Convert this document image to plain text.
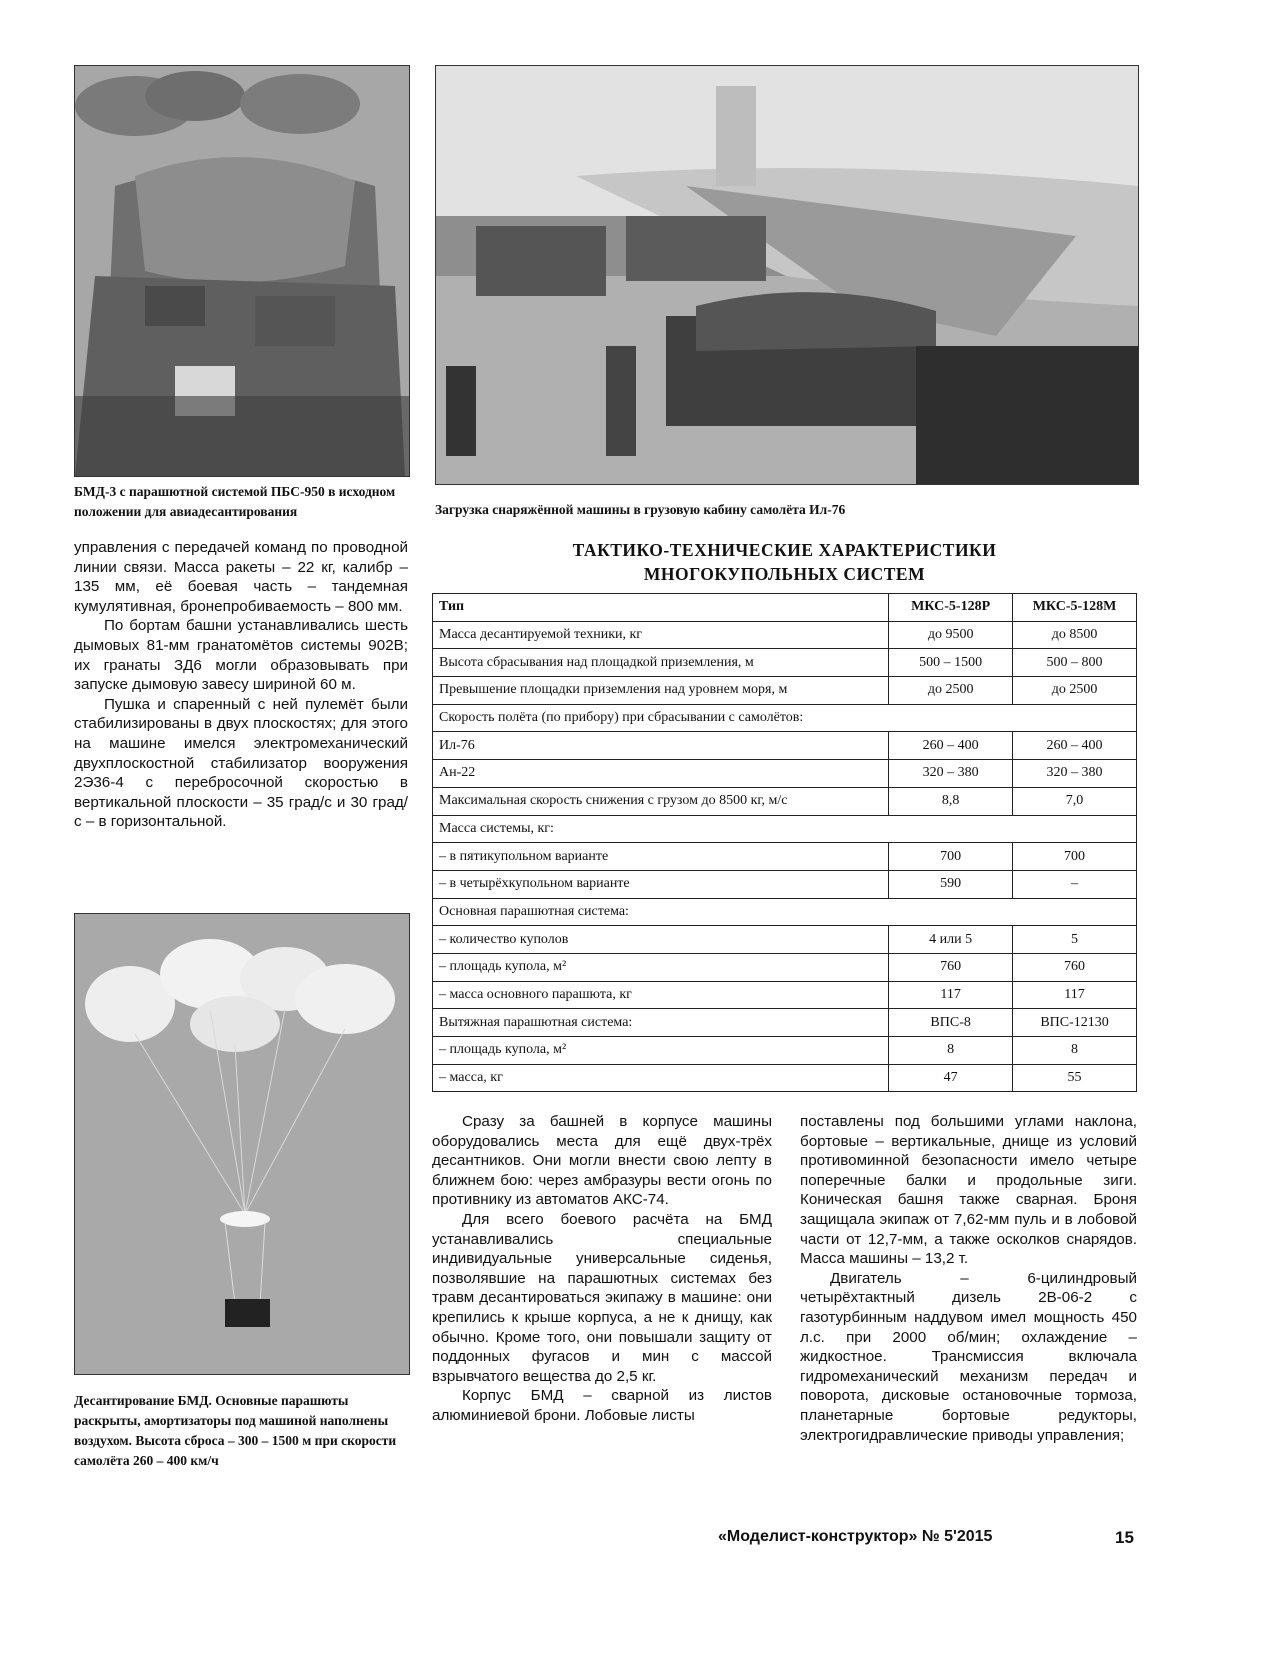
БМД-3 с парашютной системой ПБС-950 в исходном положении для авиадесантирования	Загрузка снаряжённой машины в грузовую кабину самолёта Ил-76

управления с передачей команд по проводной линии связи. Масса ракеты – 22 кг, калибр – 135 мм, её боевая часть – тандемная кумулятивная, бронепробиваемость – 800 мм.

По бортам башни устанавливались шесть дымовых 81-мм гранатомётов системы 902В; их гранаты ЗД6 могли образовывать при запуске дымовую завесу шириной 60 м.

Пушка и спаренный с ней пулемёт были стабилизированы в двух плоскостях; для этого на машине имелся электромеханический двухплоскостной стабилизатор вооружения 2Э36-4 с перебросочной скоростью в вертикальной плоскости – 35 град/с и 30 град/с – в горизонтальной.

Десантирование БМД. Основные парашюты раскрыты, амортизаторы под машиной наполнены воздухом. Высота сброса – 300 – 1500 м при скорости самолёта 260 – 400 км/ч
ТАКТИКО-ТЕХНИЧЕСКИЕ ХАРАКТЕРИСТИКИ
МНОГОКУПОЛЬНЫХ СИСТЕМ
Тип	МКС-5-128Р	МКС-5-128М
Масса десантируемой техники, кг	до 9500	до 8500
Высота сбрасывания над площадкой приземления, м	500 – 1500	500 – 800
Превышение площадки приземления над уровнем моря, м	до 2500	до 2500
Скорость полёта (по прибору) при сбрасывании с самолётов:		
Ил-76	260 – 400	260 – 400
Ан-22	320 – 380	320 – 380
Максимальная скорость снижения с грузом до 8500 кг, м/с	8,8	7,0
Масса системы, кг:		
– в пятикупольном варианте	700	700
– в четырёхкупольном варианте	590	–
Основная парашютная система:		
– количество куполов	4 или 5	5
– площадь купола, м²	760	760
– масса основного парашюта, кг	117	117
Вытяжная парашютная система:	ВПС-8	ВПС-12130
– площадь купола, м²	8	8
– масса, кг	47	55

Сразу за башней в корпусе машины оборудовались места для ещё двух-трёх десантников. Они могли внести свою лепту в ближнем бою: через амбразуры вести огонь по противнику из автоматов АКС-74.

Для всего боевого расчёта на БМД устанавливались специальные индивидуальные универсальные сиденья, позволявшие на парашютных системах без травм десантироваться экипажу в машине: они крепились к крыше корпуса, а не к днищу, как обычно. Кроме того, они повышали защиту от поддонных фугасов и мин с массой взрывчатого вещества до 2,5 кг.

Корпус БМД – сварной из листов алюминиевой брони. Лобовые листы

поставлены под большими углами наклона, бортовые – вертикальные, днище из условий противоминной безопасности имело четыре поперечные балки и продольные зиги. Коническая башня также сварная. Броня защищала экипаж от 7,62-мм пуль и в лобовой части от 12,7-мм, а также осколков снарядов. Масса машины – 13,2 т.

Двигатель – 6-цилиндровый четырёхтактный дизель 2В-06-2 с газотурбинным наддувом имел мощность 450 л.с. при 2000 об/мин; охлаждение – жидкостное. Трансмиссия включала гидромеханический механизм передач и поворота, дисковые остановочные тормоза, планетарные бортовые редукторы, электрогидравлические приводы управления;

«Моделист-конструктор» № 5'2015	15
